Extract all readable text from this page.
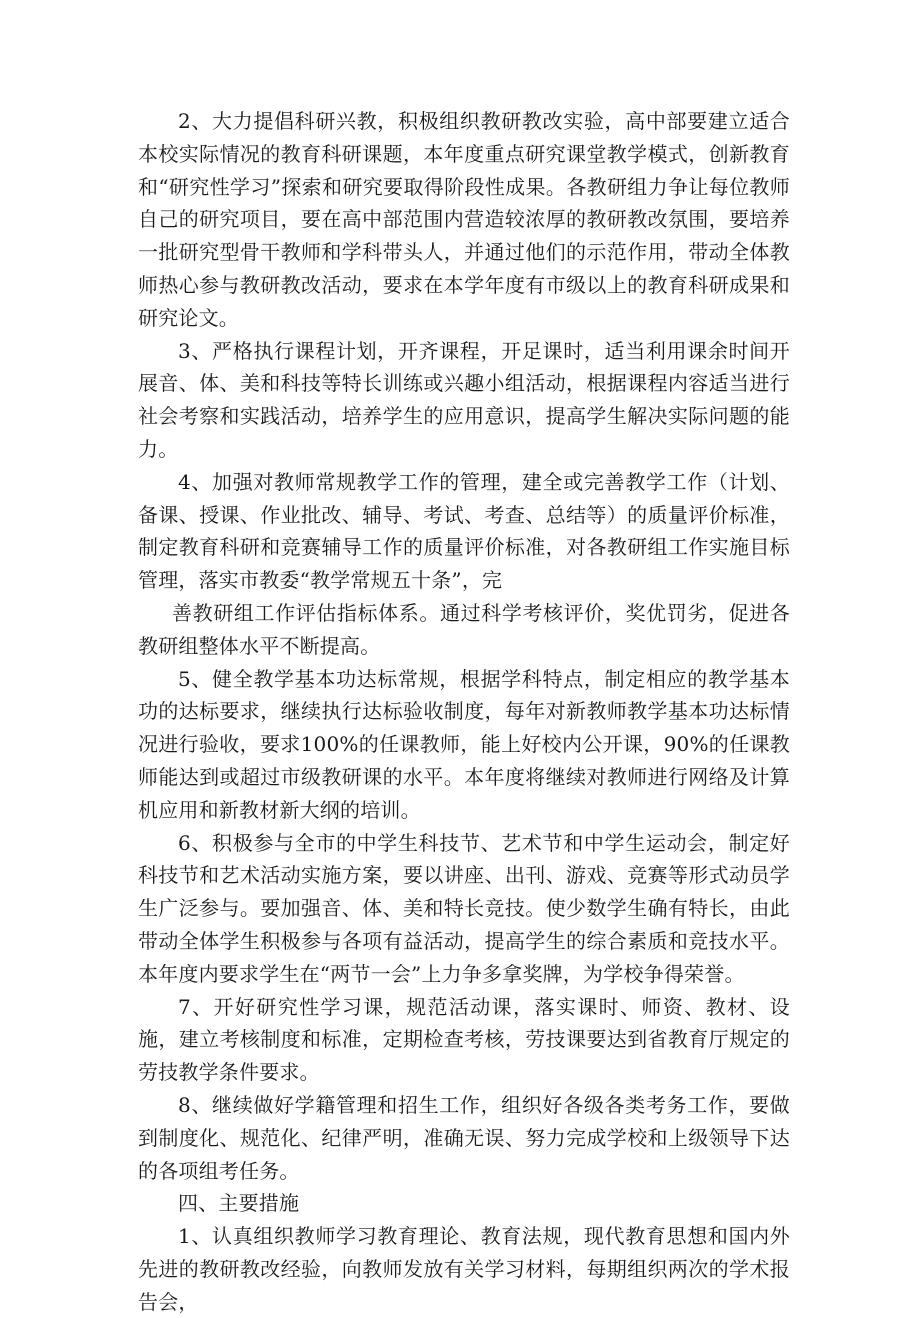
2、大力提倡科研兴教，积极组织教研教改实验，高中部要建立适合本校实际情况的教育科研课题，本年度重点研究课堂教学模式，创新教育和“研究性学习”探索和研究要取得阶段性成果。各教研组力争让每位教师自己的研究项目，要在高中部范围内营造较浓厚的教研教改氛围，要培养一批研究型骨干教师和学科带头人，并通过他们的示范作用，带动全体教师热心参与教研教改活动，要求在本学年度有市级以上的教育科研成果和研究论文。

3、严格执行课程计划，开齐课程，开足课时，适当利用课余时间开展音、体、美和科技等特长训练或兴趣小组活动，根据课程内容适当进行社会考察和实践活动，培养学生的应用意识，提高学生解决实际问题的能力。

4、加强对教师常规教学工作的管理，建全或完善教学工作（计划、备课、授课、作业批改、辅导、考试、考查、总结等）的质量评价标准，制定教育科研和竞赛辅导工作的质量评价标准，对各教研组工作实施目标管理，落实市教委“教学常规五十条”，完

善教研组工作评估指标体系。通过科学考核评价，奖优罚劣，促进各教研组整体水平不断提高。

5、健全教学基本功达标常规，根据学科特点，制定相应的教学基本功的达标要求，继续执行达标验收制度，每年对新教师教学基本功达标情况进行验收，要求100%的任课教师，能上好校内公开课，90%的任课教师能达到或超过市级教研课的水平。本年度将继续对教师进行网络及计算机应用和新教材新大纲的培训。

6、积极参与全市的中学生科技节、艺术节和中学生运动会，制定好科技节和艺术活动实施方案，要以讲座、出刊、游戏、竞赛等形式动员学生广泛参与。要加强音、体、美和特长竞技。使少数学生确有特长，由此带动全体学生积极参与各项有益活动，提高学生的综合素质和竞技水平。本年度内要求学生在“两节一会”上力争多拿奖牌，为学校争得荣誉。

7、开好研究性学习课，规范活动课，落实课时、师资、教材、设施，建立考核制度和标准，定期检查考核，劳技课要达到省教育厅规定的劳技教学条件要求。

8、继续做好学籍管理和招生工作，组织好各级各类考务工作，要做到制度化、规范化、纪律严明，准确无误、努力完成学校和上级领导下达的各项组考任务。

四、主要措施

1、认真组织教师学习教育理论、教育法规，现代教育思想和国内外先进的教研教改经验，向教师发放有关学习材料，每期组织两次的学术报告会，
